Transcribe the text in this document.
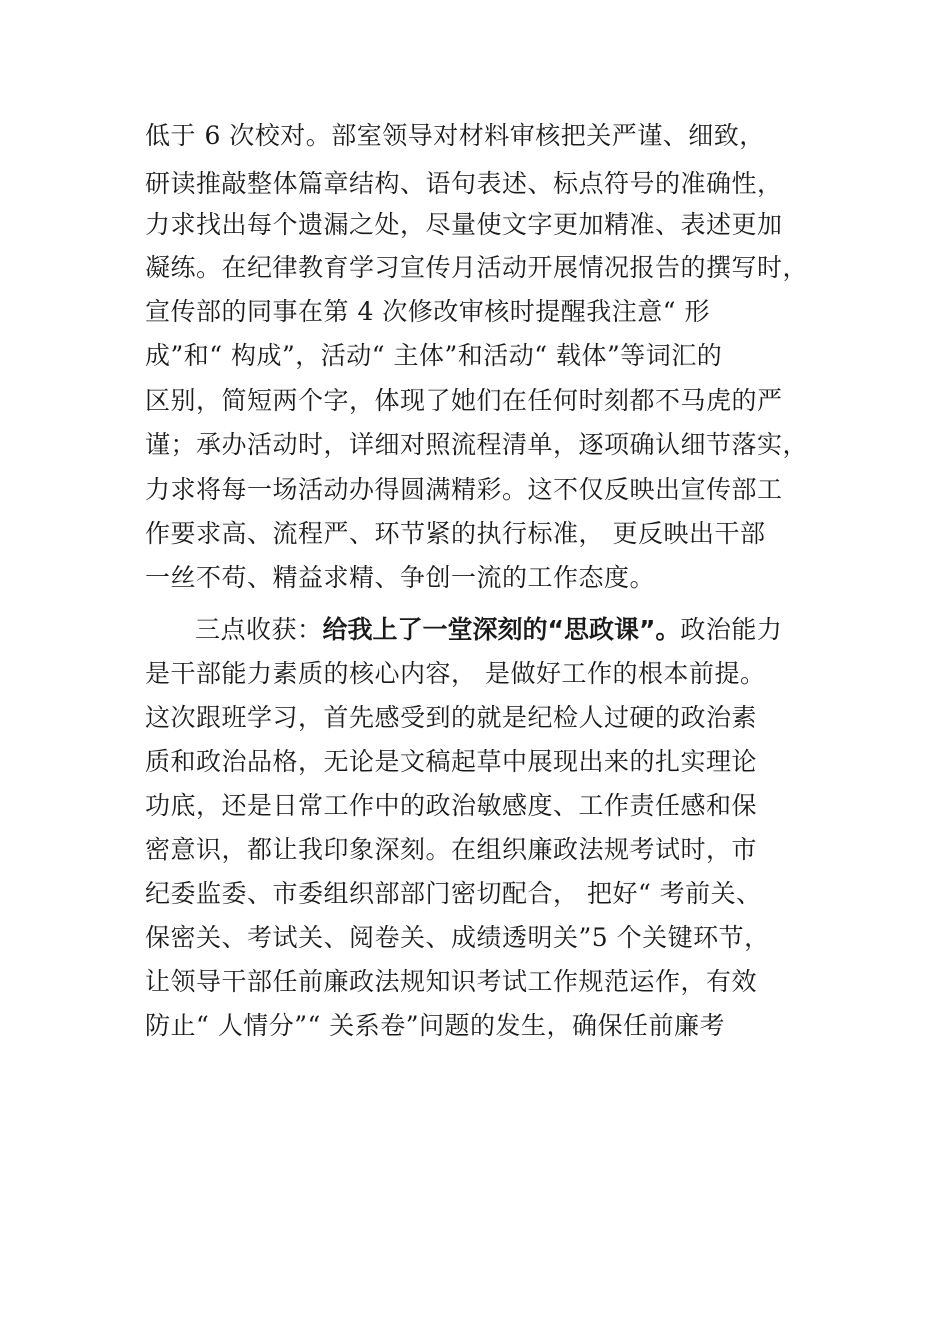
低于 6 次校对。部室领导对材料审核把关严谨、细致，
研读推敲整体篇章结构、语句表述、标点符号的准确性，
力求找出每个遗漏之处，尽量使文字更加精准、表述更加
凝练。在纪律教育学习宣传月活动开展情况报告的撰写时，
宣传部的同事在第 4 次修改审核时提醒我注意“ 形
成”和“ 构成”，活动“ 主体”和活动“ 载体”等词汇的
区别，简短两个字，体现了她们在任何时刻都不马虎的严
谨；承办活动时，详细对照流程清单，逐项确认细节落实，
力求将每一场活动办得圆满精彩。这不仅反映出宣传部工
作要求高、流程严、环节紧的执行标准， 更反映出干部
一丝不苟、精益求精、争创一流的工作态度。
三点收获：给我上了一堂深刻的“思政课”。政治能力
是干部能力素质的核心内容， 是做好工作的根本前提。
这次跟班学习，首先感受到的就是纪检人过硬的政治素
质和政治品格，无论是文稿起草中展现出来的扎实理论
功底，还是日常工作中的政治敏感度、工作责任感和保
密意识，都让我印象深刻。在组织廉政法规考试时，市
纪委监委、市委组织部部门密切配合， 把好“ 考前关、
保密关、考试关、阅卷关、成绩透明关”5 个关键环节，
让领导干部任前廉政法规知识考试工作规范运作，有效
防止“ 人情分”“ 关系卷”问题的发生，确保任前廉考
